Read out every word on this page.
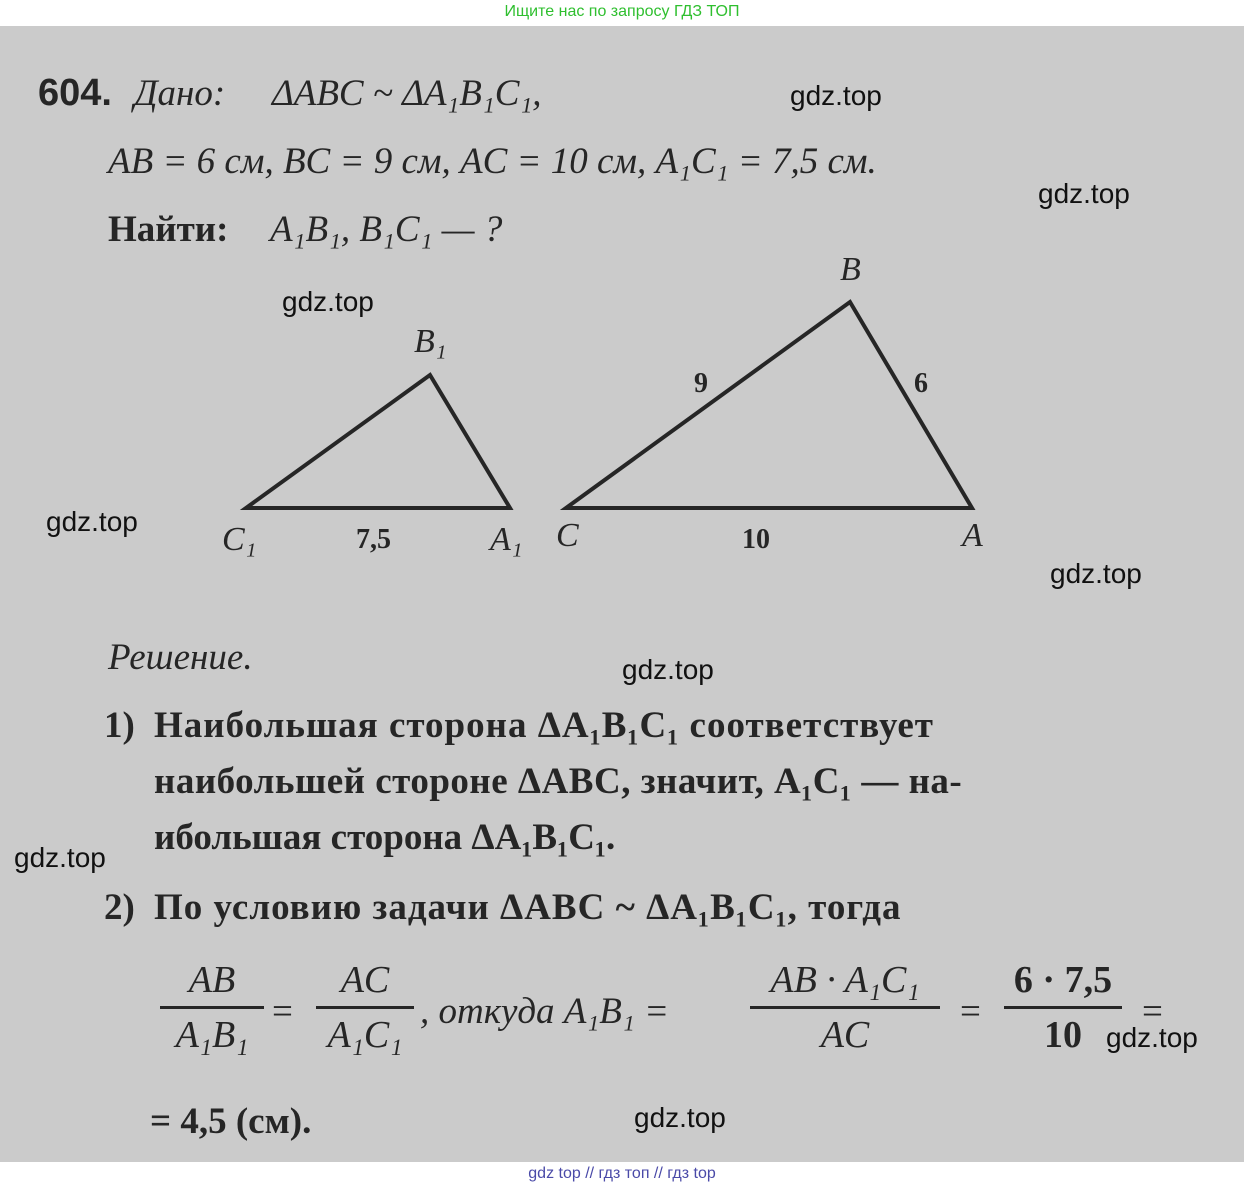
Ищите нас по запросу ГДЗ ТОП
604. Дано: ΔABC ~ ΔA₁B₁C₁,
AB = 6 см, BC = 9 см, AC = 10 см, A₁C₁ = 7,5 см.
Найти: A₁B₁, B₁C₁ — ?
B₁
C₁	A₁
7,5
B
C	A
9	6
10
Решение.
1) Наибольшая сторона ΔA₁B₁C₁ соответствует
наибольшей стороне ΔABC, значит, A₁C₁ — на-
ибольшая сторона ΔA₁B₁C₁.
2) По условию задачи ΔABC ~ ΔA₁B₁C₁, тогда
AB
A₁B₁
=
AC
A₁C₁
, откуда A₁B₁ =
AB · A₁C₁
AC
=
6 · 7,5
10
=
= 4,5 (см).
gdz.top
gdz.top
gdz.top
gdz.top
gdz.top
gdz.top
gdz.top
gdz.top
gdz.top
gdz top // гдз топ // гдз top
